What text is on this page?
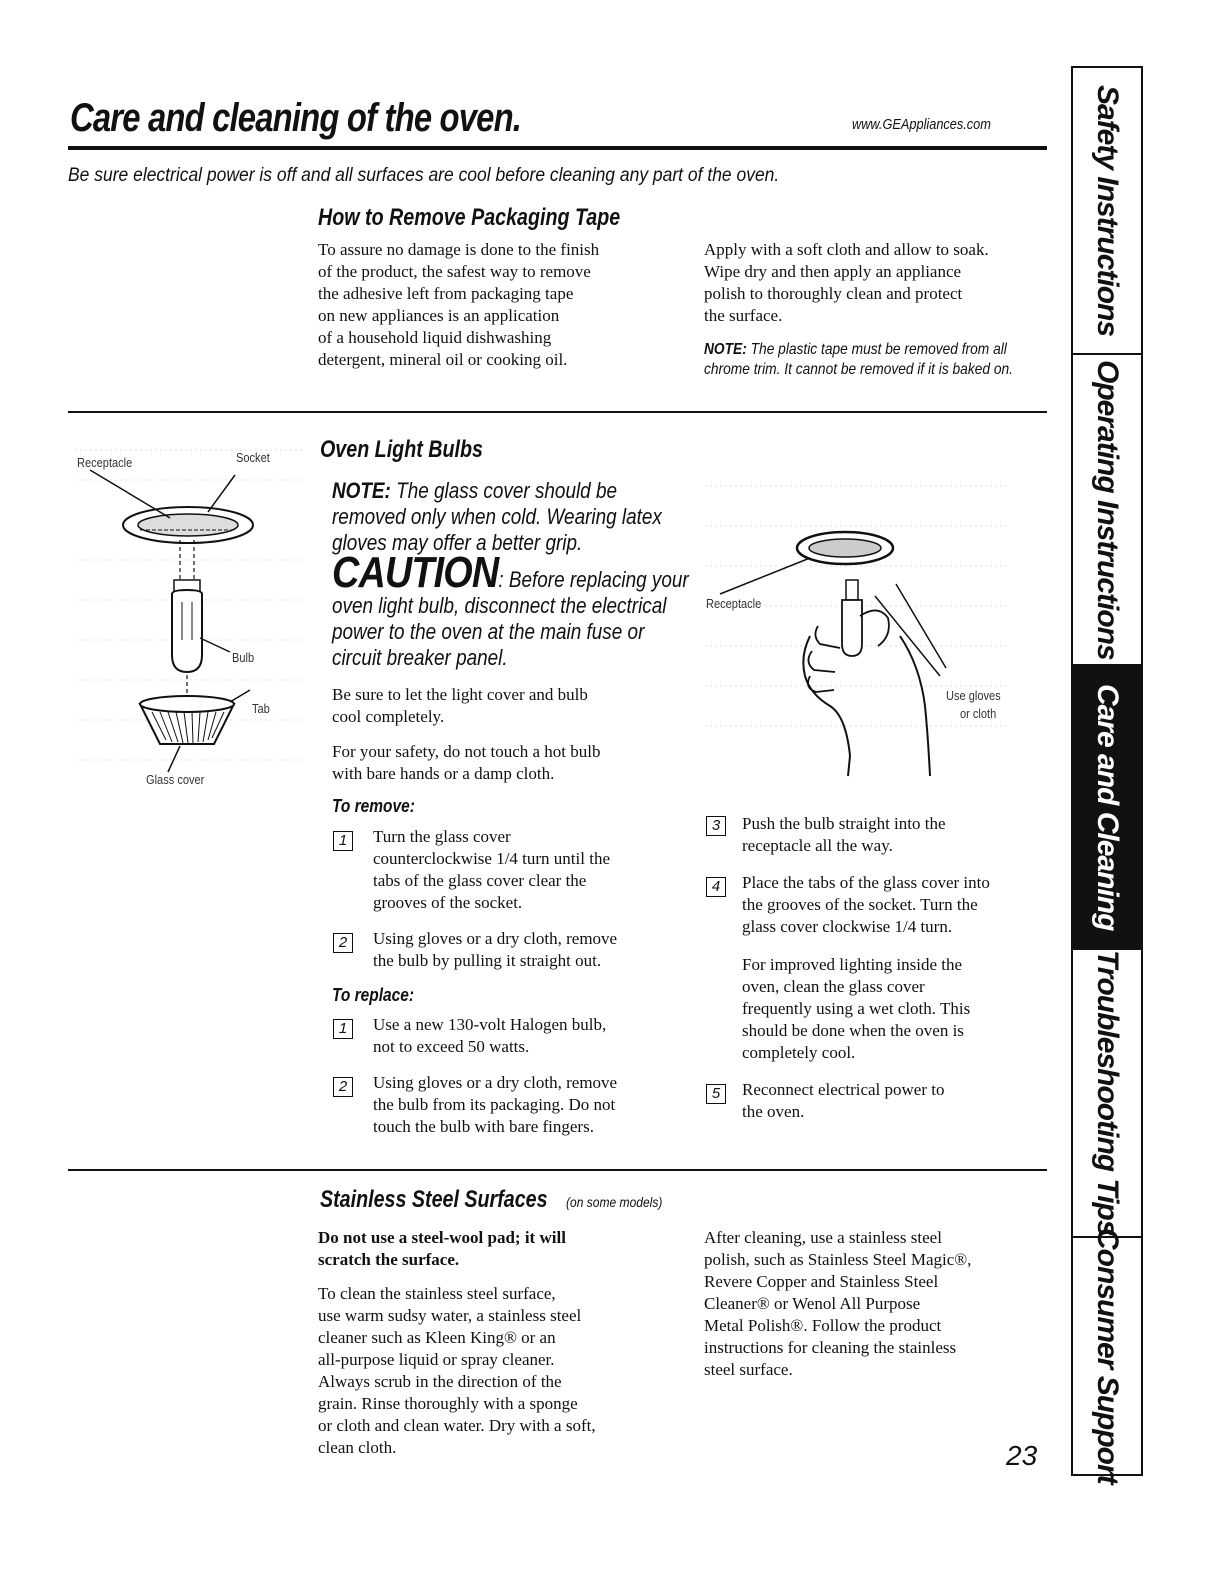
Care and cleaning of the oven.	www.GEAppliances.com
Be sure electrical power is off and all surfaces are cool before cleaning any part of the oven.
How to Remove Packaging Tape
To assure no damage is done to the finish
of the product, the safest way to remove
the adhesive left from packaging tape
on new appliances is an application
of a household liquid dishwashing
detergent, mineral oil or cooking oil.
Apply with a soft cloth and allow to soak.
Wipe dry and then apply an appliance
polish to thoroughly clean and protect
the surface.
NOTE: The plastic tape must be removed from all
chrome trim. It cannot be removed if it is baked on.
Receptacle	Socket
Bulb
Tab
Glass cover
Oven Light Bulbs
NOTE: The glass cover should be
removed only when cold. Wearing latex
gloves may offer a better grip.
CAUTION: Before replacing your
oven light bulb, disconnect the electrical
power to the oven at the main fuse or
circuit breaker panel.
Be sure to let the light cover and bulb
cool completely.
For your safety, do not touch a hot bulb
with bare hands or a damp cloth.
To remove:
1	Turn the glass cover
counterclockwise 1/4 turn until the
tabs of the glass cover clear the
grooves of the socket.
2	Using gloves or a dry cloth, remove
the bulb by pulling it straight out.
To replace:
1	Use a new 130-volt Halogen bulb,
not to exceed 50 watts.
2	Using gloves or a dry cloth, remove
the bulb from its packaging. Do not
touch the bulb with bare fingers.
Receptacle
Use gloves
or cloth
3	Push the bulb straight into the
receptacle all the way.
4	Place the tabs of the glass cover into
the grooves of the socket. Turn the
glass cover clockwise 1/4 turn.
For improved lighting inside the
oven, clean the glass cover
frequently using a wet cloth. This
should be done when the oven is
completely cool.
5	Reconnect electrical power to
the oven.
Stainless Steel Surfaces	(on some models)
Do not use a steel-wool pad; it will
scratch the surface.
To clean the stainless steel surface,
use warm sudsy water, a stainless steel
cleaner such as Kleen King® or an
all-purpose liquid or spray cleaner.
Always scrub in the direction of the
grain. Rinse thoroughly with a sponge
or cloth and clean water. Dry with a soft,
clean cloth.
After cleaning, use a stainless steel
polish, such as Stainless Steel Magic®,
Revere Copper and Stainless Steel
Cleaner® or Wenol All Purpose
Metal Polish®. Follow the product
instructions for cleaning the stainless
steel surface.
23
Safety Instructions
Operating Instructions
Care and Cleaning
Troubleshooting Tips
Consumer Support
